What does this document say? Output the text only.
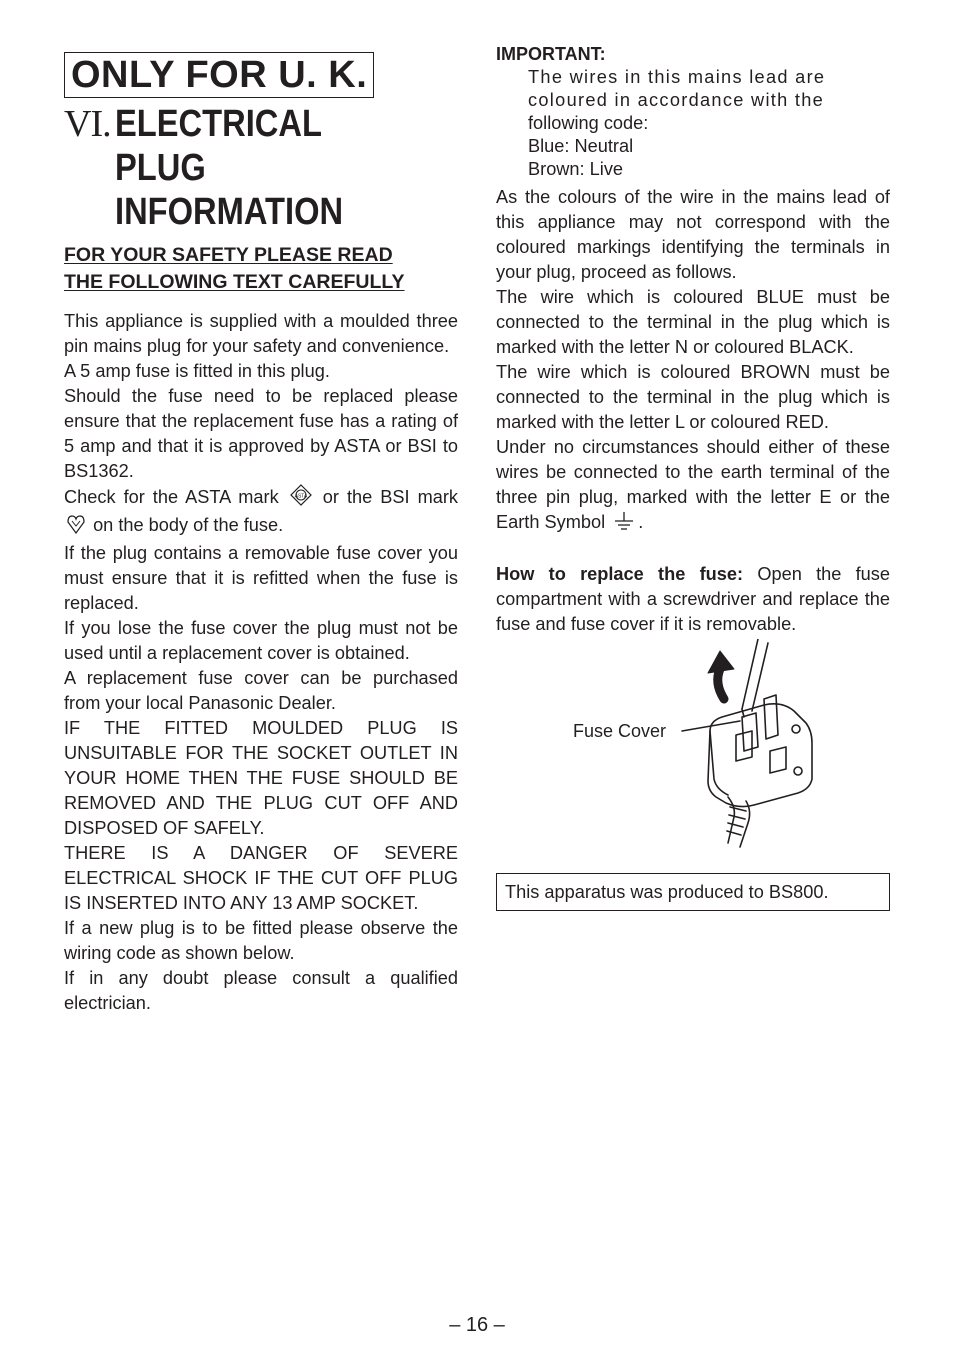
ONLY FOR U. K.
VI. ELECTRICAL PLUG
INFORMATION
FOR YOUR SAFETY PLEASE READ
THE FOLLOWING TEXT CAREFULLY
This appliance is supplied with a moulded three pin mains plug for your safety and convenience.
A 5 amp fuse is fitted in this plug.
Should the fuse need to be replaced please ensure that the replacement fuse has a rating of 5 amp and that it is approved by ASTA or BSI to BS1362.
Check for the ASTA mark	ASTA or the BSI mark  on the body of the fuse.
If the plug contains a removable fuse cover you must ensure that it is refitted when the fuse is replaced.
If you lose the fuse cover the plug must not be used until a replacement cover is obtained.
A replacement fuse cover can be purchased from your local Panasonic Dealer.
IF THE FITTED MOULDED PLUG IS UNSUITABLE FOR THE SOCKET OUTLET IN YOUR HOME THEN THE FUSE SHOULD BE REMOVED AND THE PLUG CUT OFF AND DISPOSED OF SAFELY.
THERE IS A DANGER OF SEVERE ELECTRICAL SHOCK IF THE CUT OFF PLUG IS INSERTED INTO ANY 13 AMP SOCKET.
If a new plug is to be fitted please observe the wiring code as shown below.
If in any doubt please consult a qualified electrician.
IMPORTANT:
The wires in this mains lead are
coloured in accordance with the
following code:
Blue: Neutral
Brown: Live
As the colours of the wire in the mains lead of this appliance may not correspond with the coloured markings identifying the terminals in your plug, proceed as follows.
The wire which is coloured BLUE must be connected to the terminal in the plug which is marked with the letter N or coloured BLACK.
The wire which is coloured BROWN must be connected to the terminal in the plug which is marked with the letter L or coloured RED.
Under no circumstances should either of these wires be connected to the earth terminal of the three pin plug, marked with the letter E or the Earth Symbol .
How to replace the fuse: Open the fuse compartment with a screwdriver and replace the fuse and fuse cover if it is removable.
Fuse Cover
This apparatus was produced to BS800.
– 16 –
